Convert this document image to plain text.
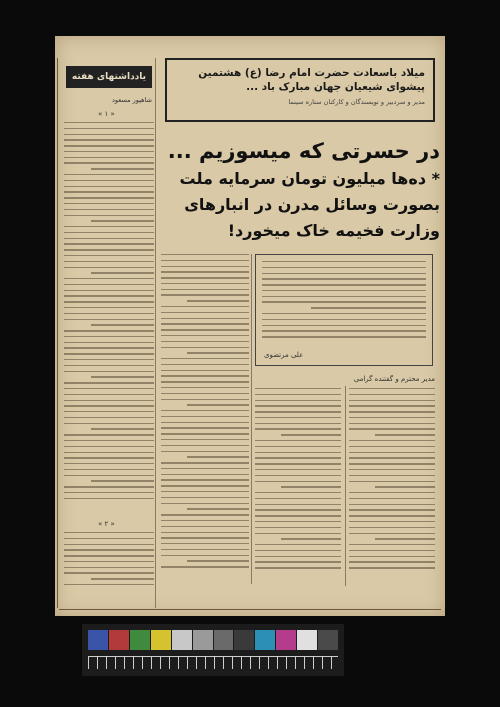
میلاد باسعادت حضرت امام رضا (ع) هشتمین
پیشوای شیعیان جهان مبارک باد ...
مدیر و سردبیر و نویسندگان و کارکنان ستاره سینما
در حسرتی که میسوزیم ...
* ده‌ها میلیون تومان سرمایه ملت
بصورت وسائل مدرن در انبارهای
وزارت فخیمه خاک میخورد!
یادداشتهای هفته
شاهپور مسعود
« ۱ »
« ۲ »
علی مرتضوی
مدیر محترم و گفتنده گرامی
